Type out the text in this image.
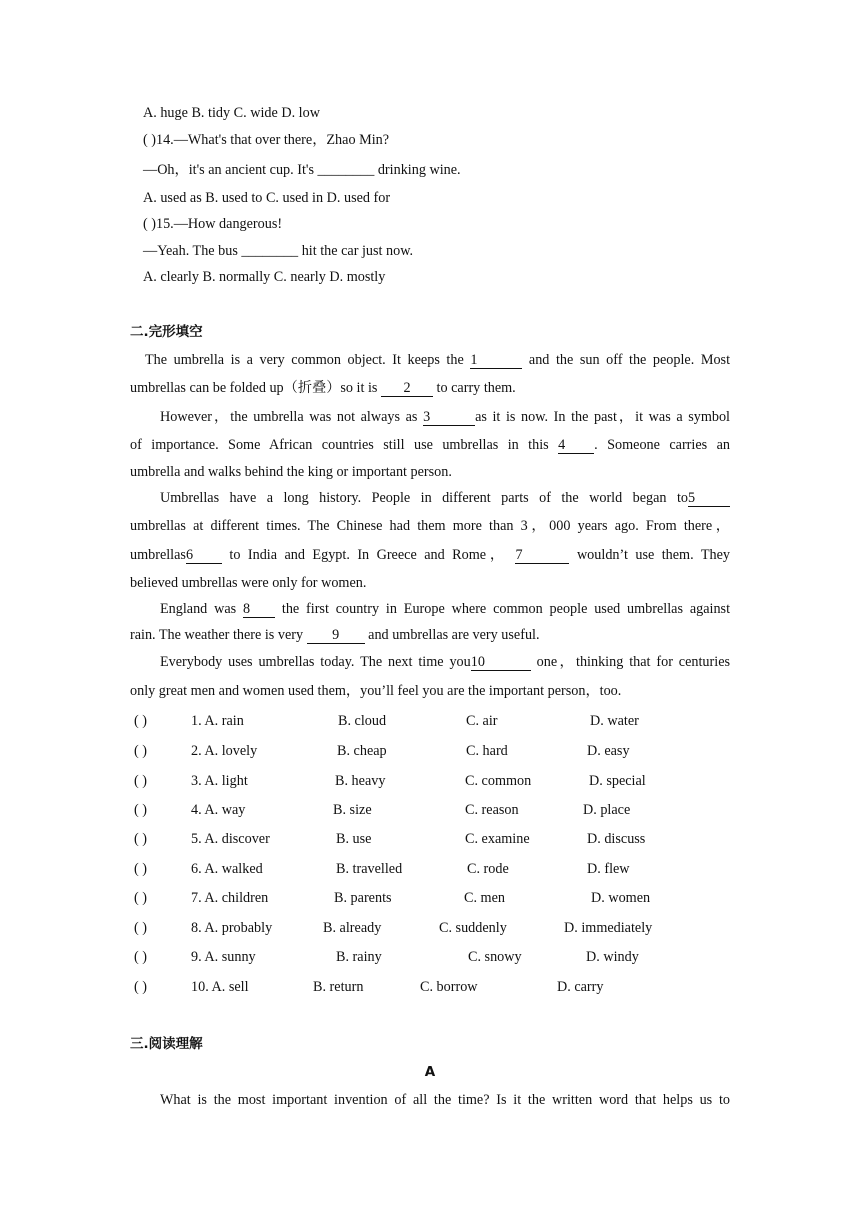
A. huge B. tidy C. wide D. low
( )14.—What's that over there，Zhao Min?
—Oh，it's an ancient cup. It's ________ drinking wine.
A. used as B. used to C. used in D. used for
( )15.—How dangerous!
—Yeah. The bus ________ hit the car just now.
A. clearly B. normally C. nearly D. mostly
二.完形填空
The umbrella is a very common object. It keeps the 1	and the sun off the people. Most
umbrellas can be folded up（折叠）so it is 2 to carry them.
However，the umbrella was not always as 3	as it is now. In the past，it was a symbol
of importance. Some African countries still use umbrellas in this 4 . Someone carries an
umbrella and walks behind the king or important person.
Umbrellas have a long history. People in different parts of the world began to5
umbrellas at different times. The Chinese had them more than 3，000 years ago. From there，
umbrellas6	to India and Egypt. In Greece and Rome， 7	wouldn’t use them. They
believed umbrellas were only for women.
England was 8 the first country in Europe where common people used umbrellas against
rain. The weather there is very 9 and umbrellas are very useful.
Everybody uses umbrellas today. The next time you10	one，thinking that for centuries
only great men and women used them，you’ll feel you are the important person，too.
( )	1. A. rain	B. cloud	C. air	D. water
( )	2. A. lovely	B. cheap	C. hard	D. easy
( )	3. A. light	B. heavy	C. common	D. special
( )	4. A. way	B. size	C. reason	D. place
( )	5. A. discover	B. use	C. examine	D. discuss
( )	6. A. walked	B. travelled	C. rode	D. flew
( )	7. A. children	B. parents	C. men	D. women
( )	8. A. probably	B. already	C. suddenly	D. immediately
( )	9. A. sunny	B. rainy	C. snowy	D. windy
( )	10. A. sell	B. return	C. borrow	D. carry
三.阅读理解
A
What is the most important invention of all the time? Is it the written word that helps us to
